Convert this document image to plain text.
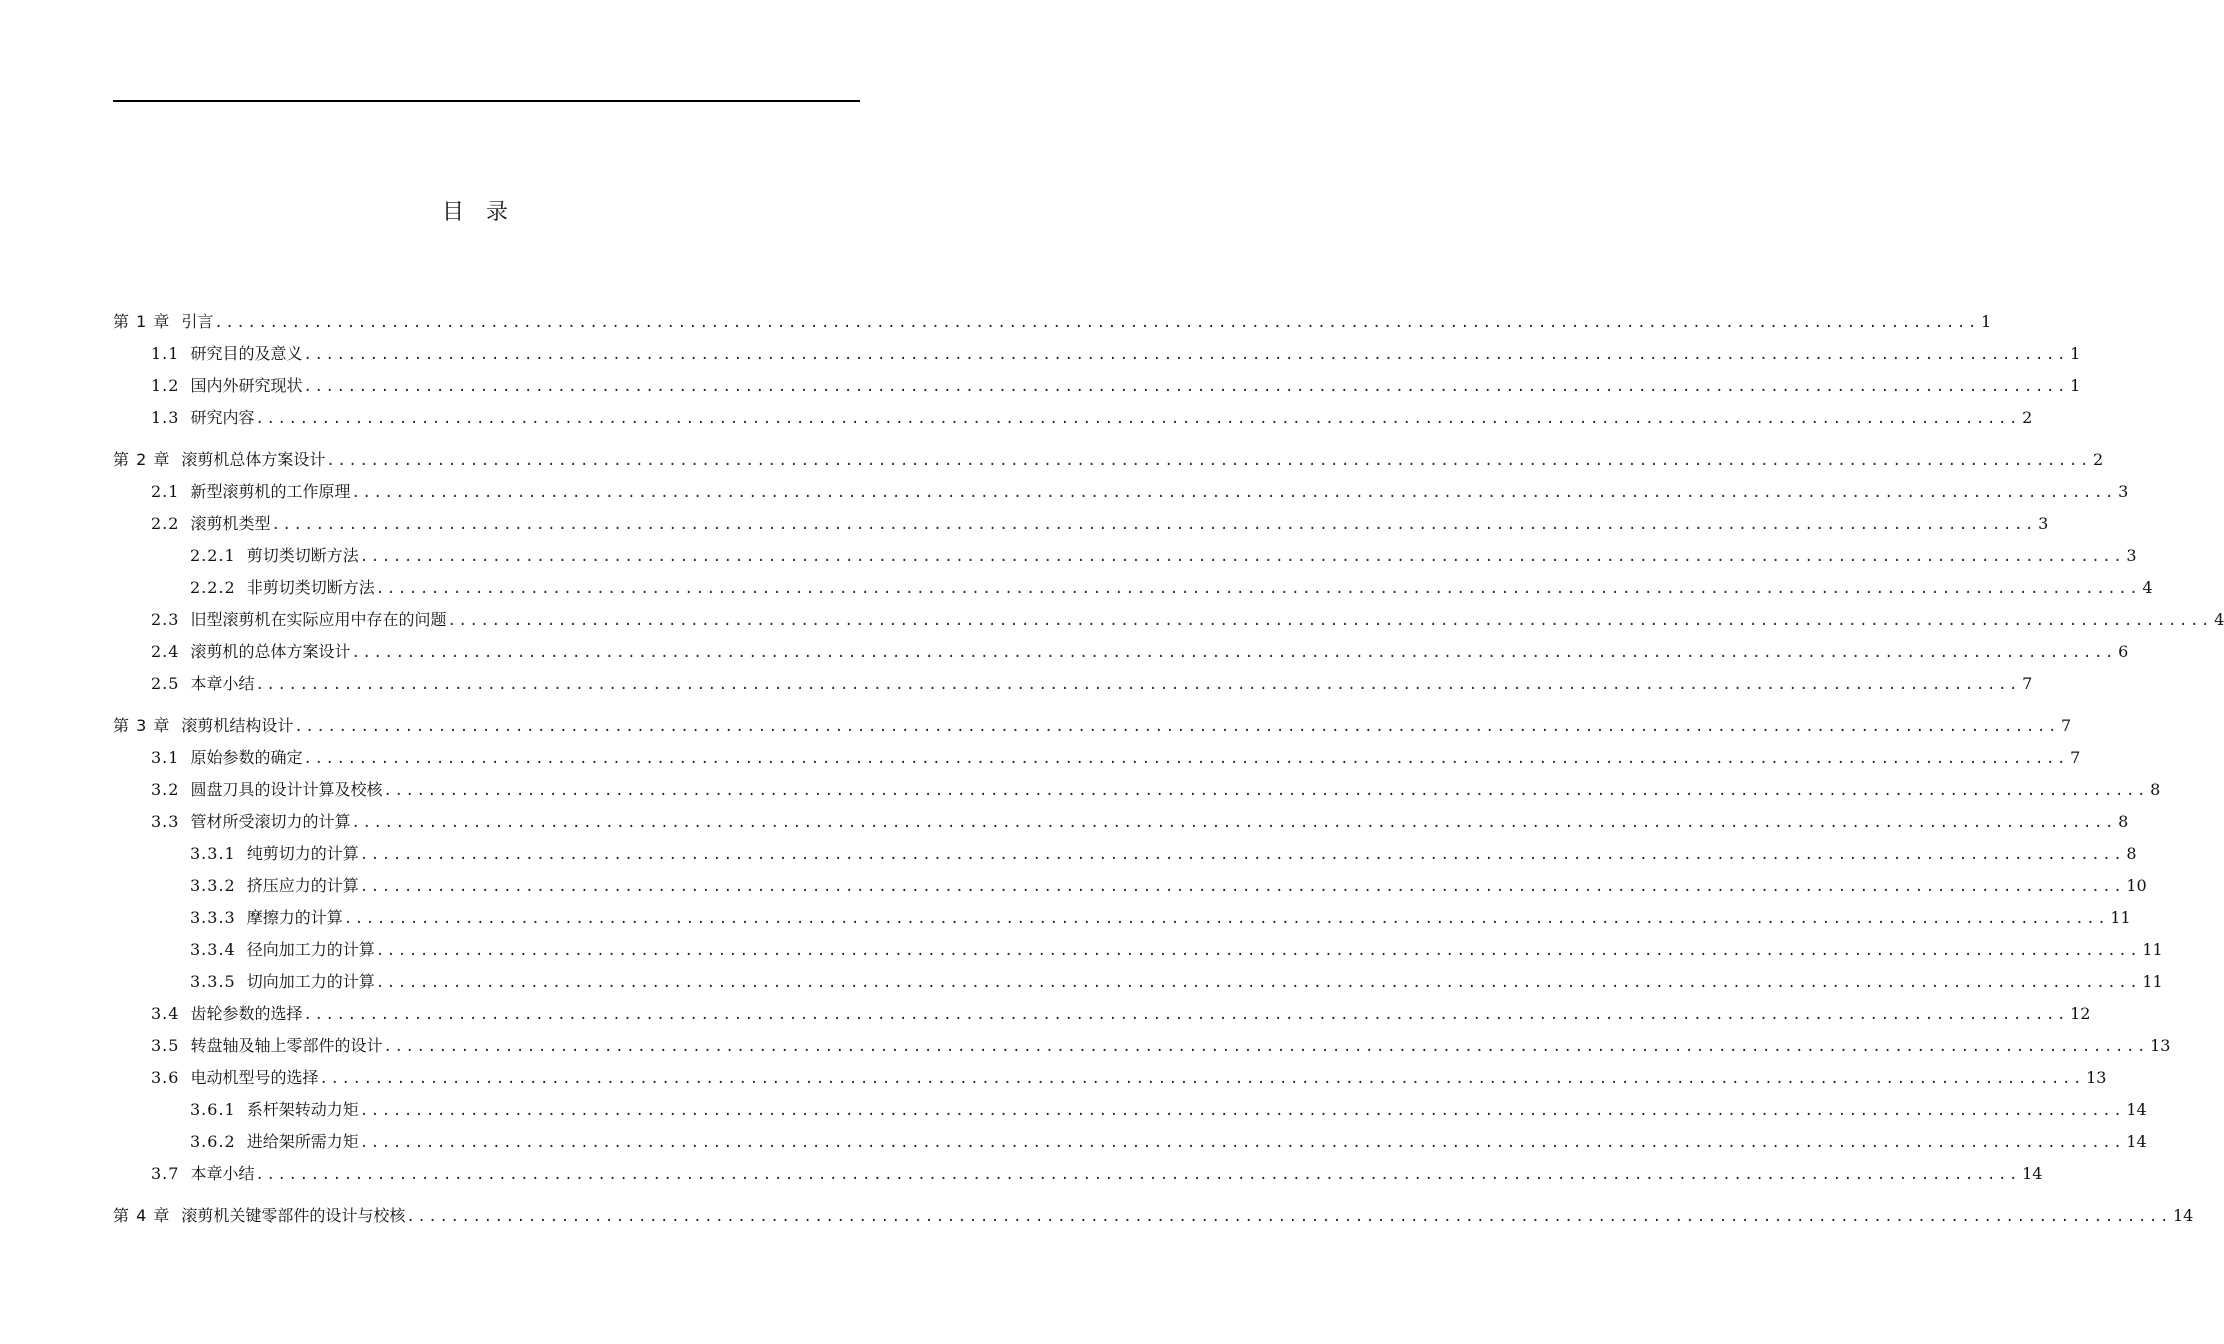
目录
第 1 章 引言 ................................................................................................................................................................ 1
1.1 研究目的及意义 ................................................................................................................................................................ 1
1.2 国内外研究现状 ................................................................................................................................................................ 1
1.3 研究内容 ................................................................................................................................................................ 2
第 2 章 滚剪机总体方案设计 ................................................................................................................................................................ 2
2.1 新型滚剪机的工作原理 ................................................................................................................................................................ 3
2.2 滚剪机类型 ................................................................................................................................................................ 3
2.2.1 剪切类切断方法 ................................................................................................................................................................ 3
2.2.2 非剪切类切断方法 ................................................................................................................................................................ 4
2.3 旧型滚剪机在实际应用中存在的问题 ................................................................................................................................................................ 4
2.4 滚剪机的总体方案设计 ................................................................................................................................................................ 6
2.5 本章小结 ................................................................................................................................................................ 7
第 3 章 滚剪机结构设计 ................................................................................................................................................................ 7
3.1 原始参数的确定 ................................................................................................................................................................ 7
3.2 圆盘刀具的设计计算及校核 ................................................................................................................................................................ 8
3.3 管材所受滚切力的计算 ................................................................................................................................................................ 8
3.3.1 纯剪切力的计算 ................................................................................................................................................................ 8
3.3.2 挤压应力的计算 ................................................................................................................................................................ 10
3.3.3 摩擦力的计算 ................................................................................................................................................................ 11
3.3.4 径向加工力的计算 ................................................................................................................................................................ 11
3.3.5 切向加工力的计算 ................................................................................................................................................................ 11
3.4 齿轮参数的选择 ................................................................................................................................................................ 12
3.5 转盘轴及轴上零部件的设计 ................................................................................................................................................................ 13
3.6 电动机型号的选择 ................................................................................................................................................................ 13
3.6.1 系杆架转动力矩 ................................................................................................................................................................ 14
3.6.2 进给架所需力矩 ................................................................................................................................................................ 14
3.7 本章小结 ................................................................................................................................................................ 14
第 4 章 滚剪机关键零部件的设计与校核 ................................................................................................................................................................ 14
